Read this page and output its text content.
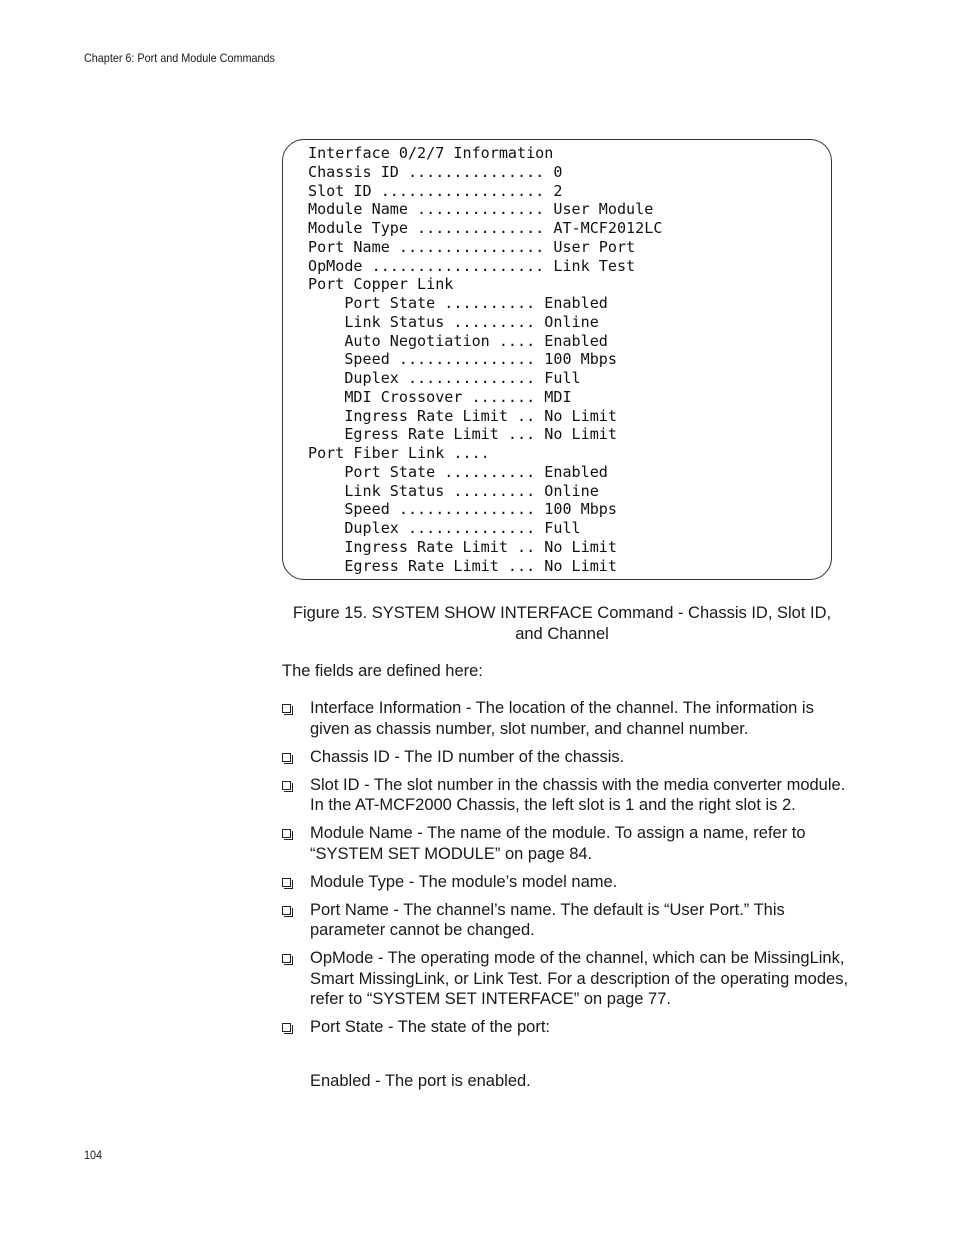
Chapter 6: Port and Module Commands
Interface 0/2/7 Information
Chassis ID ............... 0
Slot ID .................. 2
Module Name .............. User Module
Module Type .............. AT-MCF2012LC
Port Name ................ User Port
OpMode ................... Link Test
Port Copper Link
Port State .......... Enabled
Link Status ......... Online
Auto Negotiation .... Enabled
Speed ............... 100 Mbps
Duplex .............. Full
MDI Crossover ....... MDI
Ingress Rate Limit .. No Limit
Egress Rate Limit ... No Limit
Port Fiber Link ....
Port State .......... Enabled
Link Status ......... Online
Speed ............... 100 Mbps
Duplex .............. Full
Ingress Rate Limit .. No Limit
Egress Rate Limit ... No Limit
Figure 15. SYSTEM SHOW INTERFACE Command - Chassis ID, Slot ID,
and Channel
The fields are defined here:
Interface Information - The location of the channel. The information is given as chassis number, slot number, and channel number.
Chassis ID - The ID number of the chassis.
Slot ID - The slot number in the chassis with the media converter module. In the AT-MCF2000 Chassis, the left slot is 1 and the right slot is 2.
Module Name - The name of the module. To assign a name, refer to “SYSTEM SET MODULE” on page 84.
Module Type - The module’s model name.
Port Name - The channel’s name. The default is “User Port.” This parameter cannot be changed.
OpMode - The operating mode of the channel, which can be MissingLink, Smart MissingLink, or Link Test. For a description of the operating modes, refer to “SYSTEM SET INTERFACE” on page 77.
Port State - The state of the port:
Enabled - The port is enabled.
104
